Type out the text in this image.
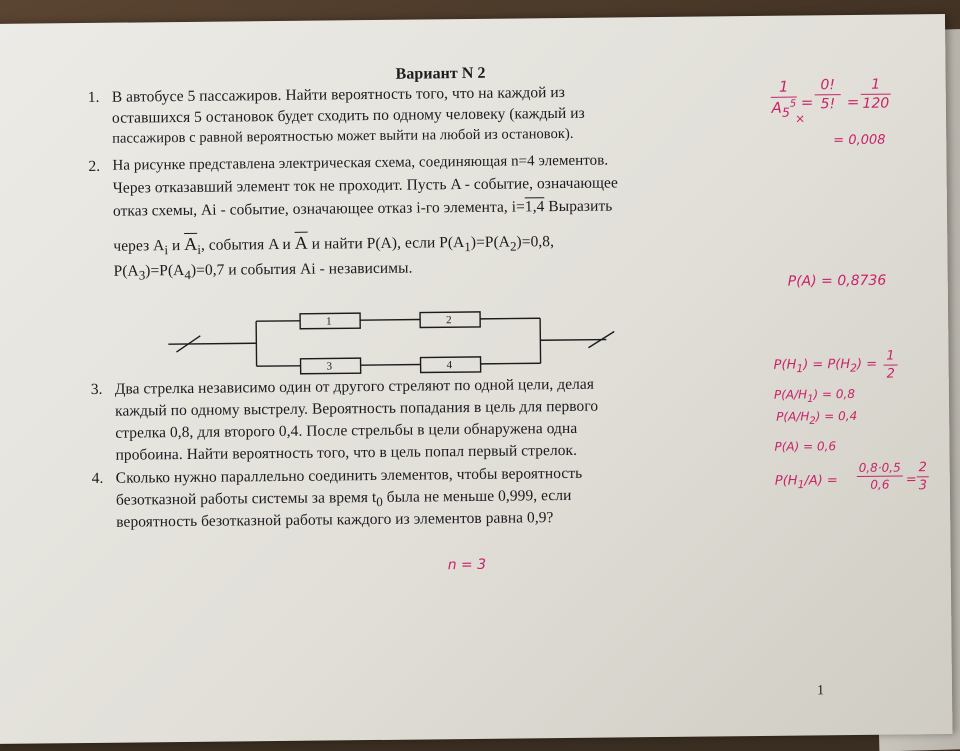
Вариант N 2
1. В автобусе 5 пассажиров. Найти вероятность того, что на каждой из
оставшихся 5 остановок будет сходить по одному человеку (каждый из
пассажиров с равной вероятностью может выйти на любой из остановок).
2. На рисунке представлена электрическая схема, соединяющая n=4 элементов.
Через отказавший элемент ток не проходит. Пусть A - событие, означающее
отказ схемы, Ai - событие, означающее отказ i-го элемента, i=1,4 Выразить
через $A_i$ и $\overline{A}_i$, события A и $\overline{A}$ и найти P(A), если $P(A_1)=P(A_2)=0,8$,
$P(A_3)=P(A_4)=0,7$ и события Ai - независимы.
1	2
3	4
3. Два стрелка независимо один от другого стреляют по одной цели, делая
каждый по одному выстрелу. Вероятность попадания в цель для первого
стрелка 0,8, для второго 0,4. После стрельбы в цели обнаружена одна
пробоина. Найти вероятность того, что в цель попал первый стрелок.
4. Сколько нужно параллельно соединить элементов, чтобы вероятность
безотказной работы системы за время $t_0$ была не меньше 0,999, если
вероятность безотказной работы каждого из элементов равна 0,9?
1
$A_5^5$ =
×
0!
5! =
1
120
= 0,008
P(A) = 0,8736
$P(H_1) = P(H_2)$ =
1
2
$P(A/H_1) = 0,8$
$P(A/H_2) = 0,4$
P(A) = 0,6
$P(H_1/A)$ =
0,8·0,5
0,6	=
2
3
n = 3
1
